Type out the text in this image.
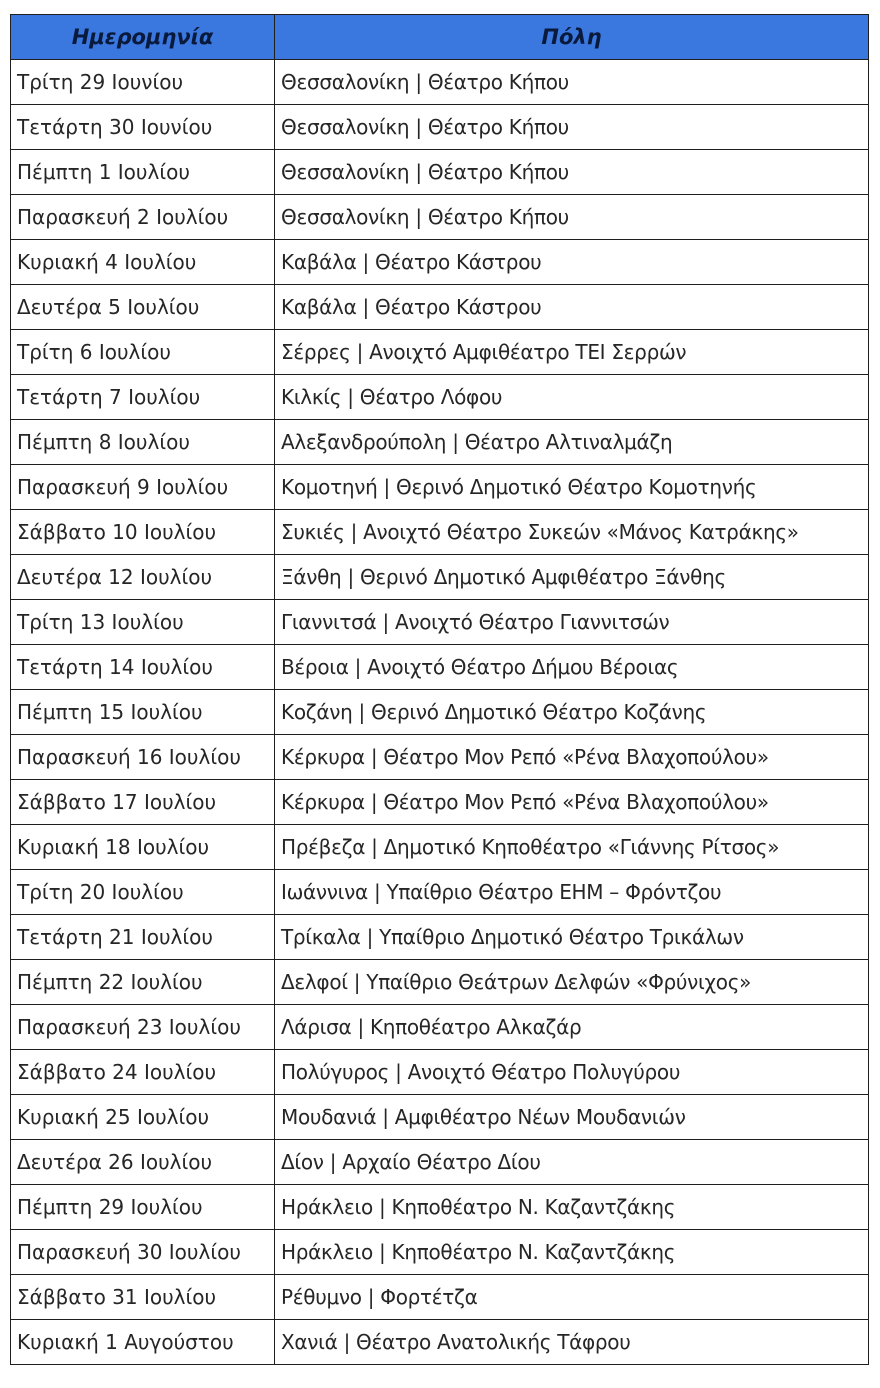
Ημερομηνία	Πόλη
Τρίτη 29 Ιουνίου	Θεσσαλονίκη | Θέατρο Κήπου
Τετάρτη 30 Ιουνίου	Θεσσαλονίκη | Θέατρο Κήπου
Πέμπτη 1 Ιουλίου	Θεσσαλονίκη | Θέατρο Κήπου
Παρασκευή 2 Ιουλίου	Θεσσαλονίκη | Θέατρο Κήπου
Κυριακή 4 Ιουλίου	Καβάλα | Θέατρο Κάστρου
Δευτέρα 5 Ιουλίου	Καβάλα | Θέατρο Κάστρου
Τρίτη 6 Ιουλίου	Σέρρες | Ανοιχτό Αμφιθέατρο ΤΕΙ Σερρών
Τετάρτη 7 Ιουλίου	Κιλκίς | Θέατρο Λόφου
Πέμπτη 8 Ιουλίου	Αλεξανδρούπολη | Θέατρο Αλτιναλμάζη
Παρασκευή 9 Ιουλίου	Κομοτηνή | Θερινό Δημοτικό Θέατρο Κομοτηνής
Σάββατο 10 Ιουλίου	Συκιές | Ανοιχτό Θέατρο Συκεών «Μάνος Κατράκης»
Δευτέρα 12 Ιουλίου	Ξάνθη | Θερινό Δημοτικό Αμφιθέατρο Ξάνθης
Τρίτη 13 Ιουλίου	Γιαννιτσά | Ανοιχτό Θέατρο Γιαννιτσών
Τετάρτη 14 Ιουλίου	Βέροια | Ανοιχτό Θέατρο Δήμου Βέροιας
Πέμπτη 15 Ιουλίου	Κοζάνη | Θερινό Δημοτικό Θέατρο Κοζάνης
Παρασκευή 16 Ιουλίου	Κέρκυρα | Θέατρο Μον Ρεπό «Ρένα Βλαχοπούλου»
Σάββατο 17 Ιουλίου	Κέρκυρα | Θέατρο Μον Ρεπό «Ρένα Βλαχοπούλου»
Κυριακή 18 Ιουλίου	Πρέβεζα | Δημοτικό Κηποθέατρο «Γιάννης Ρίτσος»
Τρίτη 20 Ιουλίου	Ιωάννινα | Υπαίθριο Θέατρο ΕΗΜ – Φρόντζου
Τετάρτη 21 Ιουλίου	Τρίκαλα | Υπαίθριο Δημοτικό Θέατρο Τρικάλων
Πέμπτη 22 Ιουλίου	Δελφοί | Υπαίθριο Θεάτρων Δελφών «Φρύνιχος»
Παρασκευή 23 Ιουλίου	Λάρισα | Κηποθέατρο Αλκαζάρ
Σάββατο 24 Ιουλίου	Πολύγυρος | Ανοιχτό Θέατρο Πολυγύρου
Κυριακή 25 Ιουλίου	Μουδανιά | Αμφιθέατρο Νέων Μουδανιών
Δευτέρα 26 Ιουλίου	Δίον | Αρχαίο Θέατρο Δίου
Πέμπτη 29 Ιουλίου	Ηράκλειο | Κηποθέατρο Ν. Καζαντζάκης
Παρασκευή 30 Ιουλίου	Ηράκλειο | Κηποθέατρο Ν. Καζαντζάκης
Σάββατο 31 Ιουλίου	Ρέθυμνο | Φορτέτζα
Κυριακή 1 Αυγούστου	Χανιά | Θέατρο Ανατολικής Τάφρου
